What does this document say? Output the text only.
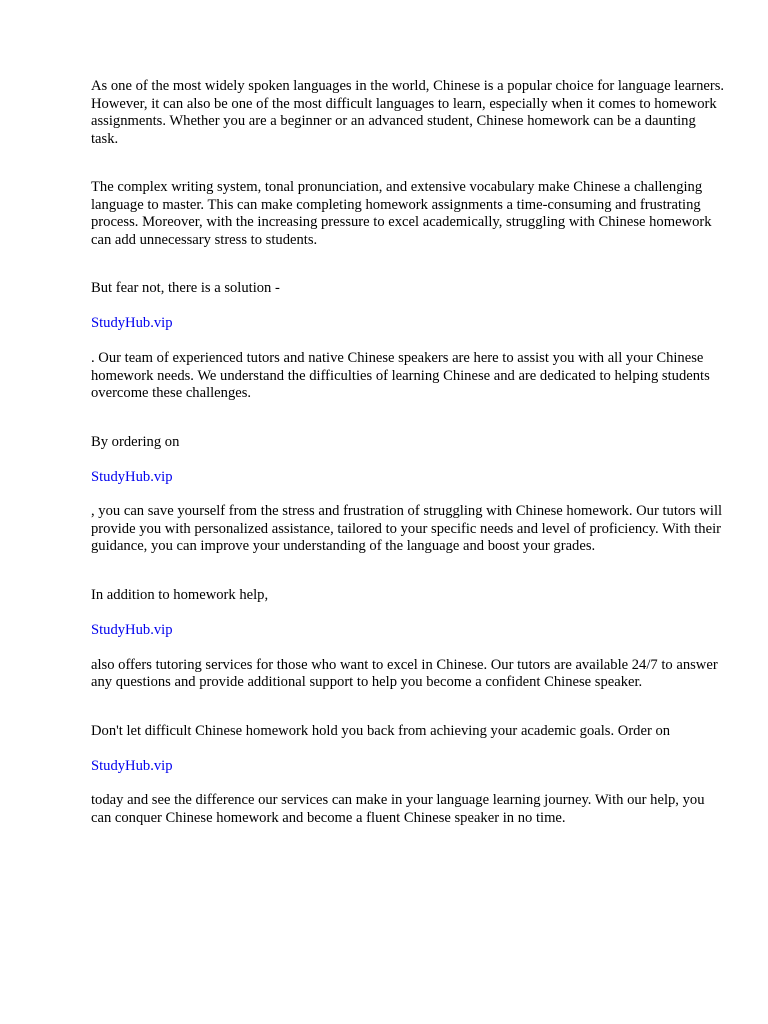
As one of the most widely spoken languages in the world, Chinese is a popular choice for language learners. However, it can also be one of the most difficult languages to learn, especially when it comes to homework assignments. Whether you are a beginner or an advanced student, Chinese homework can be a daunting task.

The complex writing system, tonal pronunciation, and extensive vocabulary make Chinese a challenging language to master. This can make completing homework assignments a time-consuming and frustrating process. Moreover, with the increasing pressure to excel academically, struggling with Chinese homework can add unnecessary stress to students.

But fear not, there is a solution -

StudyHub.vip

. Our team of experienced tutors and native Chinese speakers are here to assist you with all your Chinese homework needs. We understand the difficulties of learning Chinese and are dedicated to helping students overcome these challenges.

By ordering on

StudyHub.vip

, you can save yourself from the stress and frustration of struggling with Chinese homework. Our tutors will provide you with personalized assistance, tailored to your specific needs and level of proficiency. With their guidance, you can improve your understanding of the language and boost your grades.

In addition to homework help,

StudyHub.vip

also offers tutoring services for those who want to excel in Chinese. Our tutors are available 24/7 to answer any questions and provide additional support to help you become a confident Chinese speaker.

Don't let difficult Chinese homework hold you back from achieving your academic goals. Order on

StudyHub.vip

today and see the difference our services can make in your language learning journey. With our help, you can conquer Chinese homework and become a fluent Chinese speaker in no time.
